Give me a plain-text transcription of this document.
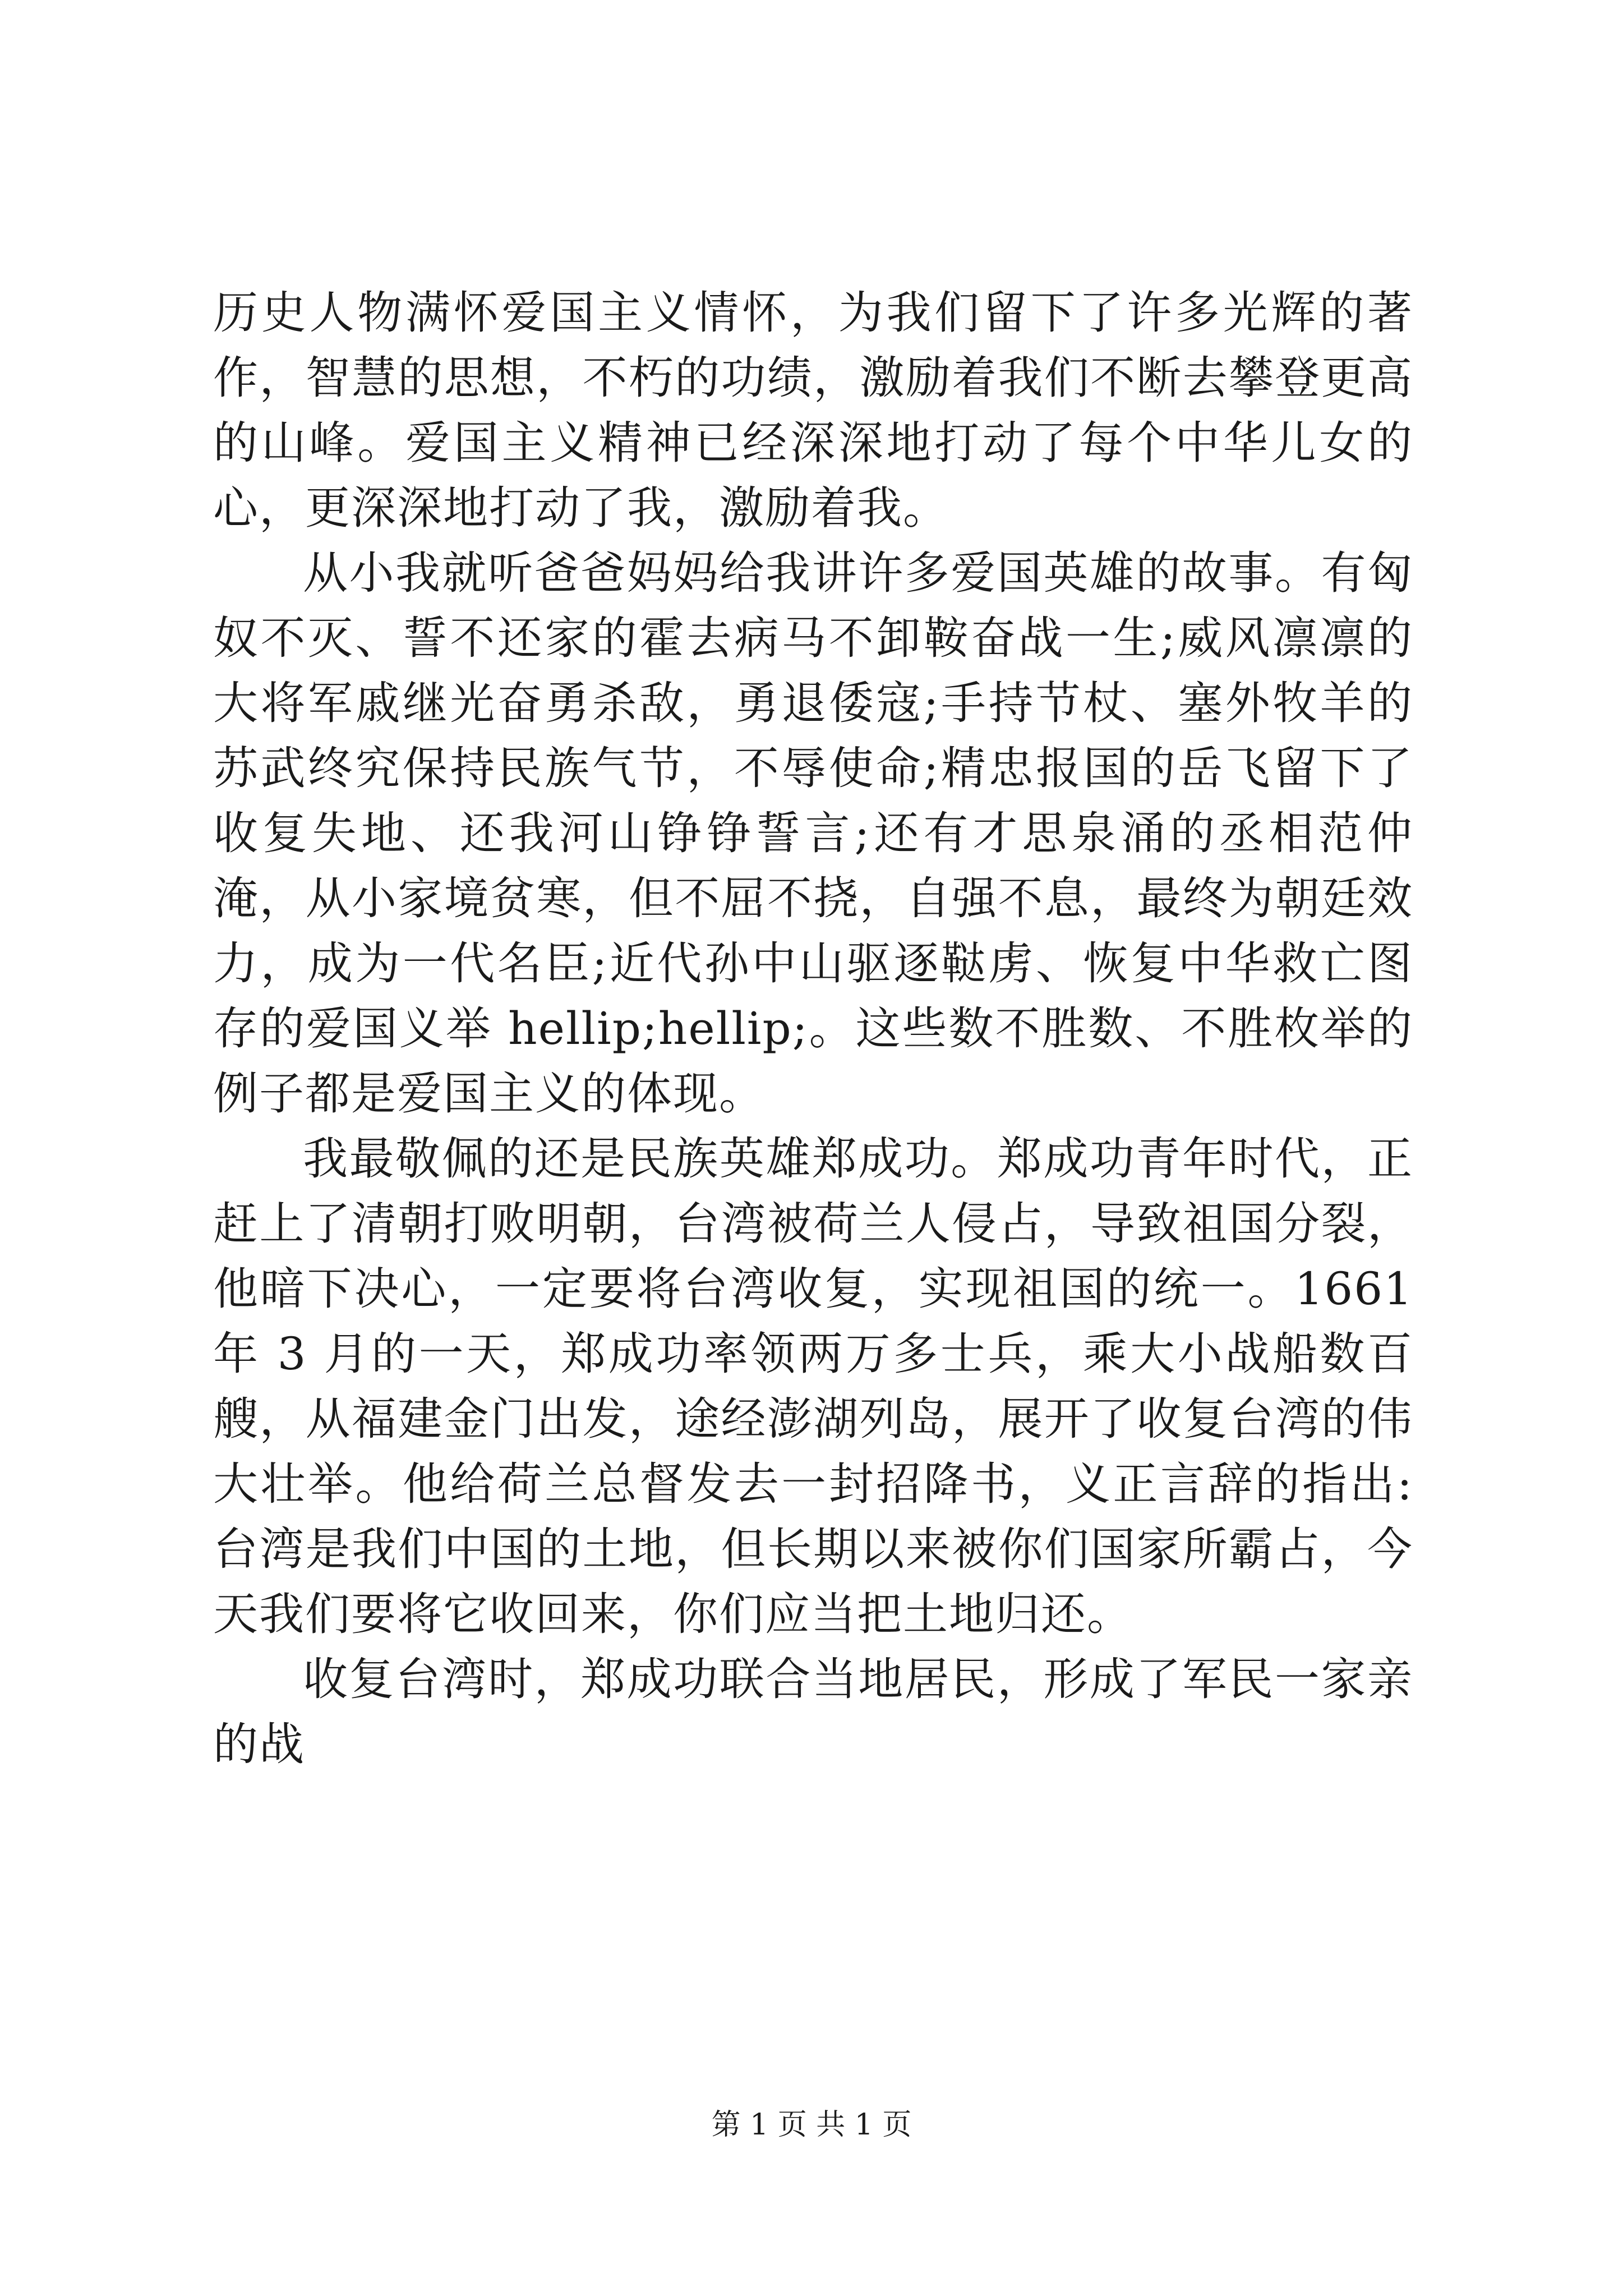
历史人物满怀爱国主义情怀，为我们留下了许多光辉的著作，智慧的思想，不朽的功绩，激励着我们不断去攀登更高的山峰。爱国主义精神已经深深地打动了每个中华儿女的心，更深深地打动了我，激励着我。

从小我就听爸爸妈妈给我讲许多爱国英雄的故事。有匈奴不灭、誓不还家的霍去病马不卸鞍奋战一生;威风凛凛的大将军戚继光奋勇杀敌，勇退倭寇;手持节杖、塞外牧羊的苏武终究保持民族气节，不辱使命;精忠报国的岳飞留下了收复失地、还我河山铮铮誓言;还有才思泉涌的丞相范仲淹，从小家境贫寒，但不屈不挠，自强不息，最终为朝廷效力，成为一代名臣;近代孙中山驱逐鞑虏、恢复中华救亡图存的爱国义举 hellip;hellip;。这些数不胜数、不胜枚举的例子都是爱国主义的体现。

我最敬佩的还是民族英雄郑成功。郑成功青年时代，正赶上了清朝打败明朝，台湾被荷兰人侵占，导致祖国分裂，他暗下决心，一定要将台湾收复，实现祖国的统一。1661 年 3 月的一天，郑成功率领两万多士兵，乘大小战船数百艘，从福建金门出发，途经澎湖列岛，展开了收复台湾的伟大壮举。他给荷兰总督发去一封招降书，义正言辞的指出: 台湾是我们中国的土地，但长期以来被你们国家所霸占，今天我们要将它收回来，你们应当把土地归还。

收复台湾时，郑成功联合当地居民，形成了军民一家亲的战

第 1 页 共 1 页
